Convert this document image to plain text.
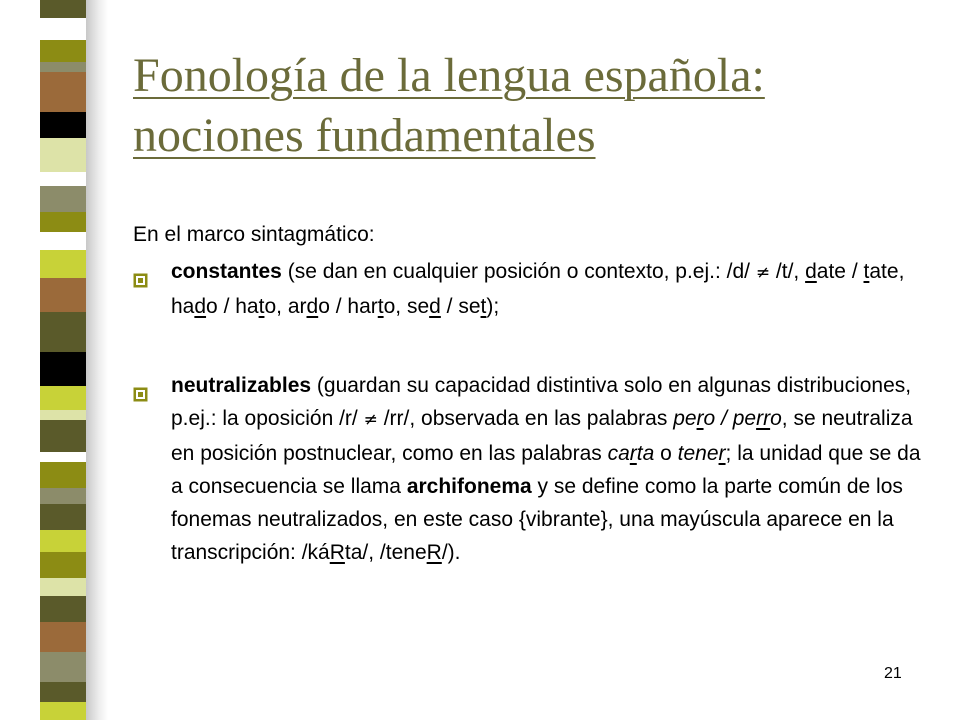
Fonología de la lengua española:
nociones fundamentales
En el marco sintagmático:
constantes (se dan en cualquier posición o contexto, p.ej.: /d/ ≠ /t/, date / tate, hado / hato, ardo / harto, sed / set);
neutralizables (guardan su capacidad distintiva solo en algunas distribuciones, p.ej.: la oposición /r/ ≠ /rr/, observada en las palabras pero / perro, se neutraliza en posición postnuclear, como en las palabras carta o tener; la unidad que se da a consecuencia se llama archifonema y se define como la parte común de los fonemas neutralizados, en este caso {vibrante}, una mayúscula aparece en la transcripción: /káRta/, /teneR/).
21
